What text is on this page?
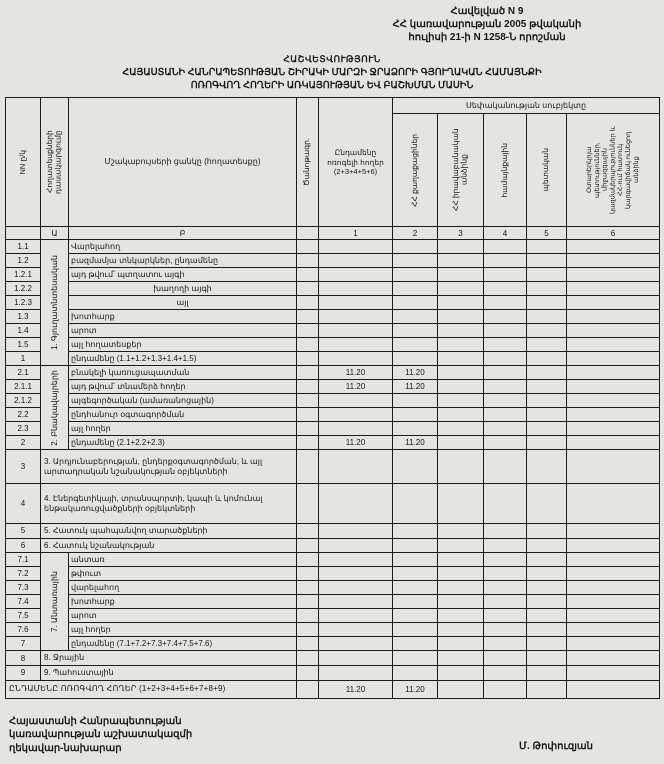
Հավելված N 9
ՀՀ կառավարության 2005 թվականի
հուլիսի 21-ի N 1258-Ն որոշման
ՀԱՇՎԵՏՎՈՒԹՅՈՒՆ
ՀԱՅԱՍՏԱՆԻ ՀԱՆՐԱՊԵՏՈՒԹՅԱՆ ՇԻՐԱԿԻ ՄԱՐԶԻ ՋՐԱՁՈՐԻ ԳՅՈՒՂԱԿԱՆ ՀԱՄԱՅՆՔԻ
ՈՌՈԳՎՈՂ ՀՈՂԵՐԻ ԱՌԿԱՅՈՒԹՅԱՆ ԵՎ ԲԱՇԽՄԱՆ ՄԱՍԻՆ
NN ը/կ	Հողատեսքների դասակարգումը	Մշակաբույսերի ցանկը (հողատեսքը)	Ծանոթագր.	Ընդամենը ոռոգելի հողեր (2+3+4+5+6)	Սեփականության սուբյեկտը				

					ՀՀ քաղաքացիներ	ՀՀ իրավաբանական անձինք	համայնքային	պետական	Օտարերկրյա պետություններ, միջազգային կազմակերպություններ և ՀՀ-ում հատուկ կարգավիճակ ունեցող անձինք

	Ա	Բ		1	2	3	4	5	6
1.1	1. Գյուղատնտեսական	Վարելահող							
1.2		բազմամյա տնկարկներ, ընդամենը							
1.2.1		այդ թվում՝ պտղատու այգի							
1.2.2		խաղողի այգի							
1.2.3		այլ							
1.3		խոտհարք							
1.4		արոտ							
1.5		այլ հողատեսքեր							
1		ընդամենը (1.1+1.2+1.3+1.4+1.5)							
2.1	2. Բնակավայրերի	բնակելի կառուցապատման		11.20	11.20				
2.1.1		այդ թվում՝ տնամերձ հողեր		11.20	11.20				
2.1.2		այգեգործական (ամառանոցային)							
2.2		ընդհանուր օգտագործման							
2.3		այլ հողեր							
2		ընդամենը (2.1+2.2+2.3)		11.20	11.20				
3	3. Արդյունաբերության, ընդերքօգտագործման, և այլ արտադրական նշանակության օբյեկտների								
4	4. Էներգետիկայի, տրանսպորտի, կապի և կոմունալ ենթակառուցվածքների օբյեկտների								
5	5. Հատուկ պահպանվող տարածքների								
6	6. Հատուկ նշանակության								
7.1	7. Անտառային	անտառ							
7.2		թփուտ							
7.3		վարելահող							
7.4		խոտհարք							
7.5		արոտ							
7.6		այլ հողեր							
7		ընդամենը (7.1+7.2+7.3+7.4+7.5+7.6)							
8	8. Ջրային								
9	9. Պահուստային								
ԸՆԴԱՄԵՆԸ ՈՌՈԳՎՈՂ ՀՈՂԵՐ (1+2+3+4+5+6+7+8+9)				11.20	11.20				
Հայաստանի Հանրապետության
կառավարության աշխատակազմի
ղեկավար-նախարար	Մ. Թոփուզյան
